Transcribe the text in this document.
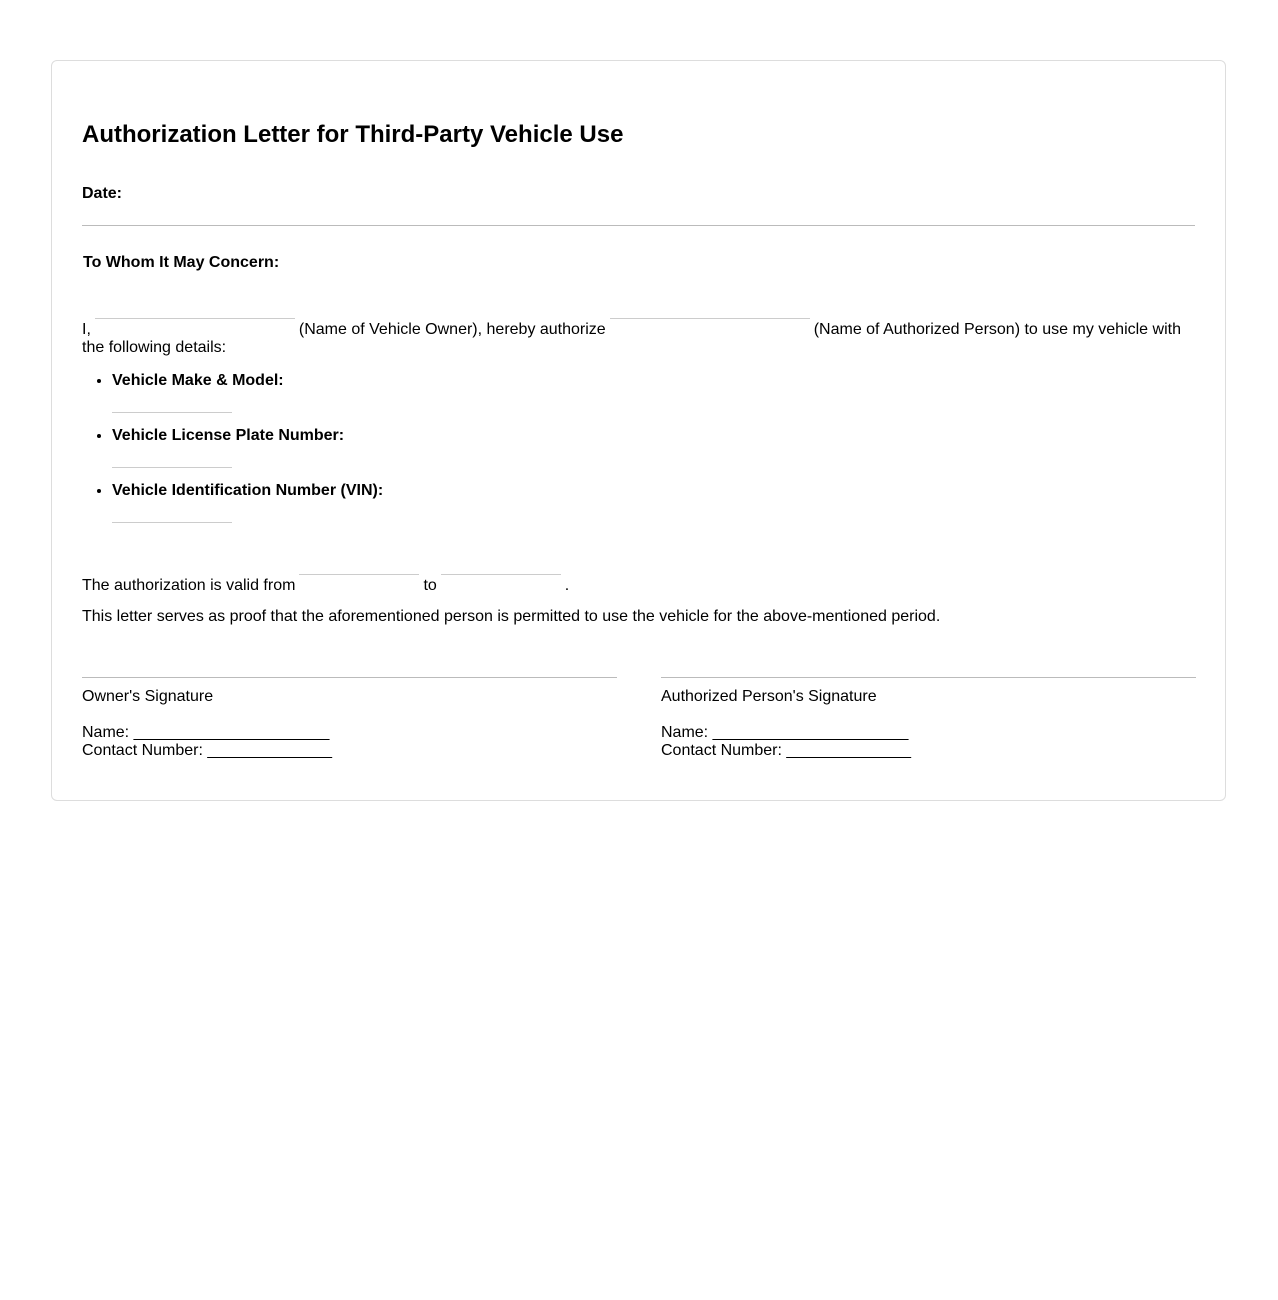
Authorization Letter for Third-Party Vehicle Use
Date:
To Whom It May Concern:
I,	(Name of Vehicle Owner), hereby authorize	(Name of Authorized Person) to use my vehicle with the following details:
• Vehicle Make & Model:
• Vehicle License Plate Number:
• Vehicle Identification Number (VIN):
The authorization is valid from	to	.
This letter serves as proof that the aforementioned person is permitted to use the vehicle for the above-mentioned period.
Owner's Signature
Name: ______________________
Contact Number: ______________
Authorized Person's Signature
Name: ______________________
Contact Number: ______________
